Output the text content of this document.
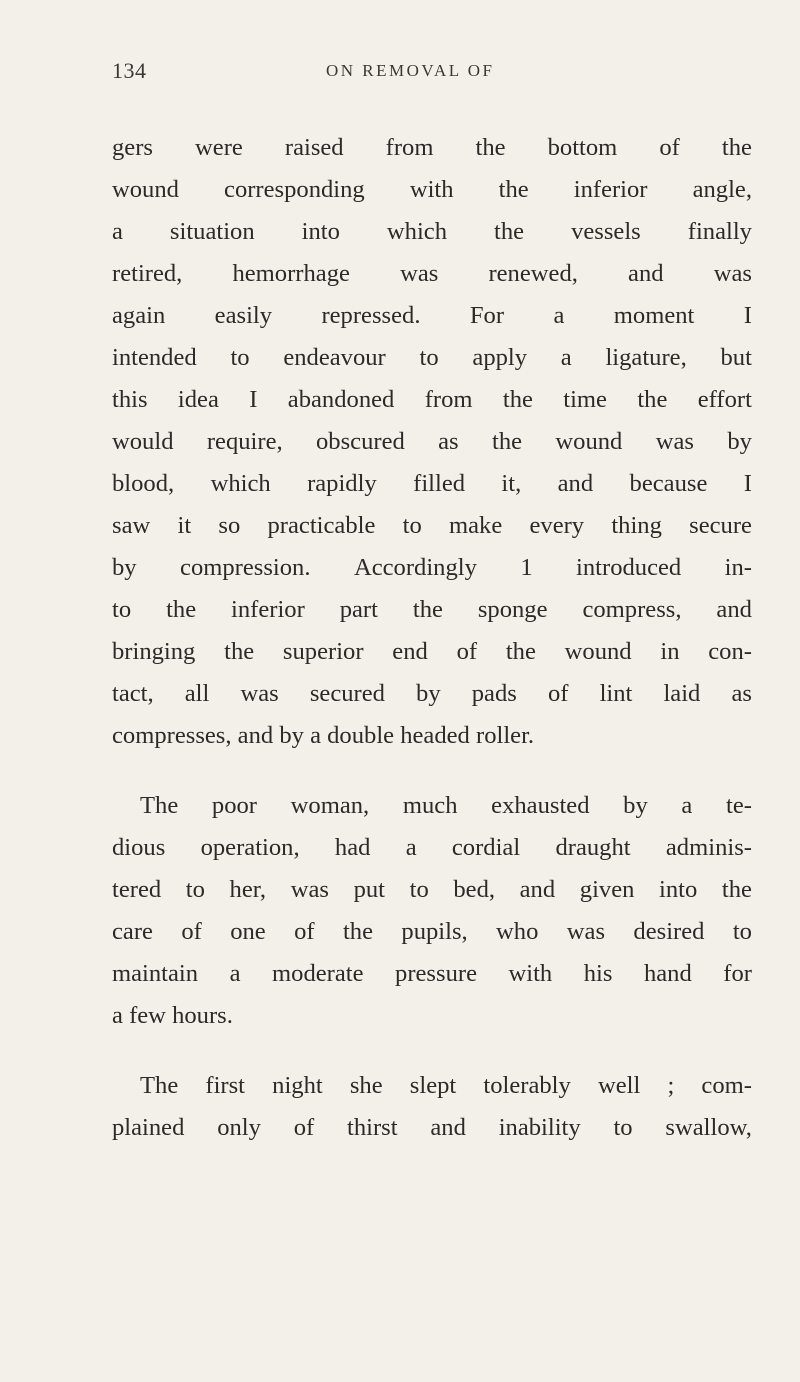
134	ON REMOVAL OF
gers were raised from the bottom of the
wound corresponding with the inferior angle,
a situation into which the vessels finally
retired, hemorrhage was renewed, and was
again easily repressed. For a moment I
intended to endeavour to apply a ligature, but
this idea I abandoned from the time the effort
would require, obscured as the wound was by
blood, which rapidly filled it, and because I
saw it so practicable to make every thing secure
by compression. Accordingly 1 introduced in-
to the inferior part the sponge compress, and
bringing the superior end of the wound in con-
tact, all was secured by pads of lint laid as
compresses, and by a double headed roller.
The poor woman, much exhausted by a te-
dious operation, had a cordial draught adminis-
tered to her, was put to bed, and given into the
care of one of the pupils, who was desired to
maintain a moderate pressure with his hand for
a few hours.
The first night she slept tolerably well ; com-
plained only of thirst and inability to swallow,
